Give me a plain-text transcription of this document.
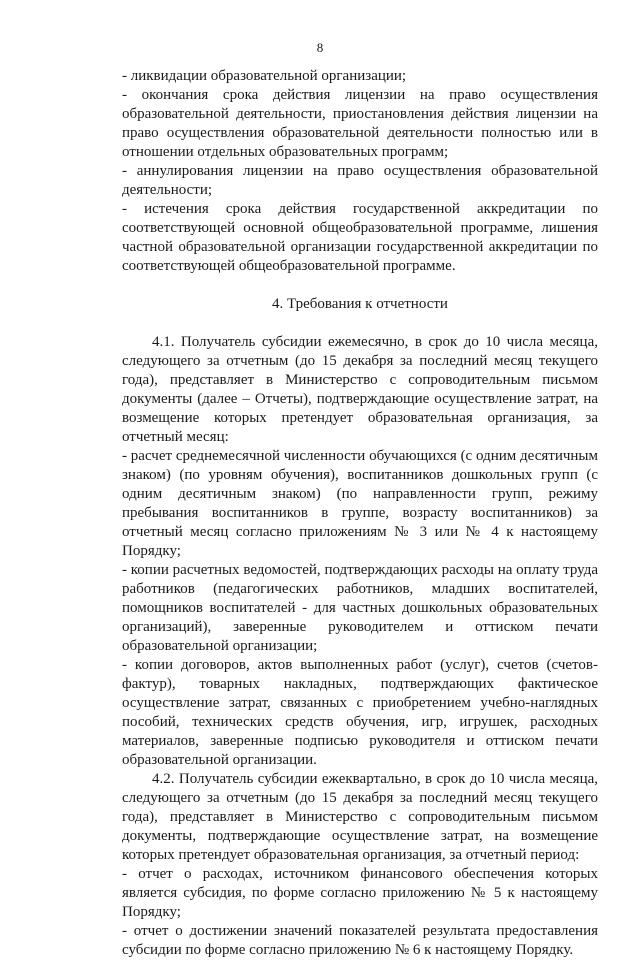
8

- ликвидации образовательной организации;

- окончания срока действия лицензии на право осуществления образовательной деятельности, приостановления действия лицензии на право осуществления образовательной деятельности полностью или в отношении отдельных образовательных программ;

- аннулирования лицензии на право осуществления образовательной деятельности;

- истечения срока действия государственной аккредитации по соответствующей основной общеобразовательной программе, лишения частной образовательной организации государственной аккредитации по соответствующей общеобразовательной программе.

4. Требования к отчетности

4.1. Получатель субсидии ежемесячно, в срок до 10 числа месяца, следующего за отчетным (до 15 декабря за последний месяц текущего года), представляет в Министерство с сопроводительным письмом документы (далее – Отчеты), подтверждающие осуществление затрат, на возмещение которых претендует образовательная организация, за отчетный месяц:

- расчет среднемесячной численности обучающихся (с одним десятичным знаком) (по уровням обучения), воспитанников дошкольных групп (с одним десятичным знаком) (по направленности групп, режиму пребывания воспитанников в группе, возрасту воспитанников) за отчетный месяц согласно приложениям № 3 или № 4 к настоящему Порядку;

- копии расчетных ведомостей, подтверждающих расходы на оплату труда работников (педагогических работников, младших воспитателей, помощников воспитателей - для частных дошкольных образовательных организаций), заверенные руководителем и оттиском печати образовательной организации;

- копии договоров, актов выполненных работ (услуг), счетов (счетов-фактур), товарных накладных, подтверждающих фактическое осуществление затрат, связанных с приобретением учебно-наглядных пособий, технических средств обучения, игр, игрушек, расходных материалов, заверенные подписью руководителя и оттиском печати образовательной организации.

4.2. Получатель субсидии ежеквартально, в срок до 10 числа месяца, следующего за отчетным (до 15 декабря за последний месяц текущего года), представляет в Министерство с сопроводительным письмом документы, подтверждающие осуществление затрат, на возмещение которых претендует образовательная организация, за отчетный период:

- отчет о расходах, источником финансового обеспечения которых является субсидия, по форме согласно приложению № 5 к настоящему Порядку;

- отчет о достижении значений показателей результата предоставления субсидии по форме согласно приложению № 6 к настоящему Порядку.
